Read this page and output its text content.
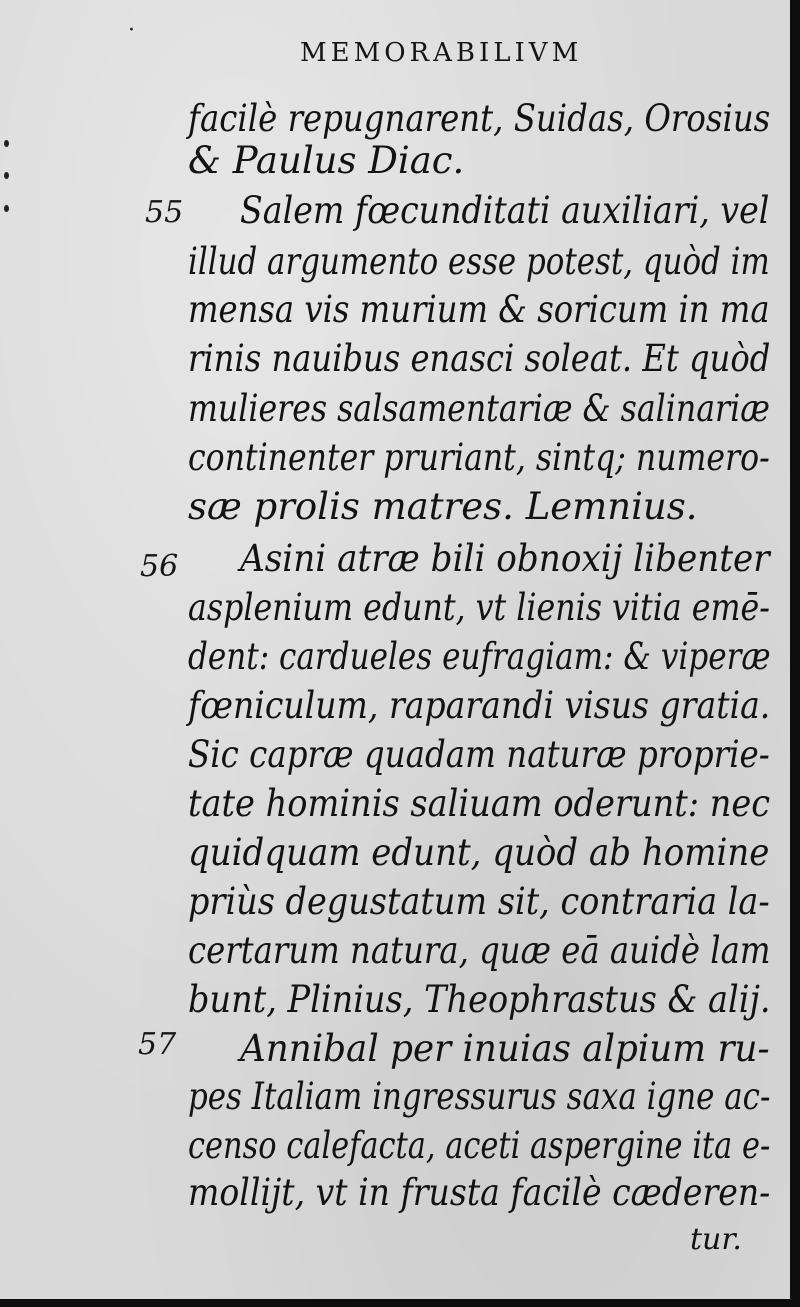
·
MEMORABILIVM
facilè repugnarent, Suidas, Orosius
& Paulus Diac.
55 Salem fœcunditati auxiliari, vel
illud argumento esse potest, quòd im
mensa vis murium & soricum in ma
rinis nauibus enasci soleat. Et quòd
mulieres salsamentariæ & salinariæ
continenter pruriant, sintq; numero-
sæ prolis matres. Lemnius.
56 Asini atræ bili obnoxij libenter
asplenium edunt, vt lienis vitia emē-
dent: cardueles eufragiam: & viperæ
fœniculum, raparandi visus gratia.
Sic capræ quadam naturæ proprie-
tate hominis saliuam oderunt: nec
quidquam edunt, quòd ab homine
priùs degustatum sit, contraria la-
certarum natura, quæ eā auidè lam
bunt, Plinius, Theophrastus & alij.
57 Annibal per inuias alpium ru-
pes Italiam ingressurus saxa igne ac-
censo calefacta, aceti aspergine ita e-
mollijt, vt in frusta facilè cæderen-
tur.
